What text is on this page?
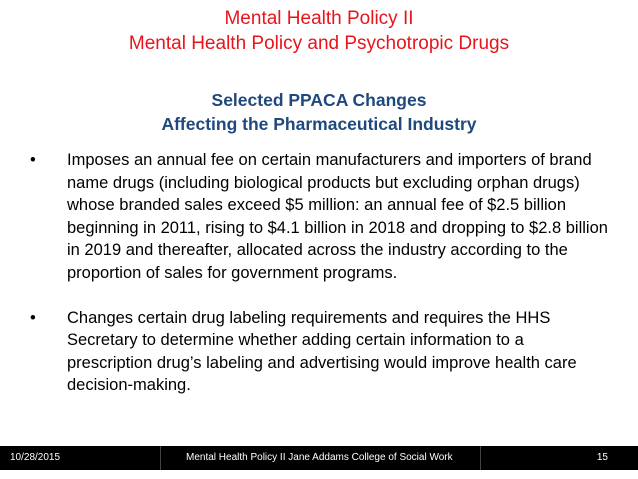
Mental Health Policy II
Mental Health Policy and Psychotropic Drugs
Selected PPACA Changes
Affecting the Pharmaceutical Industry
•	Imposes an annual fee on certain manufacturers and importers of brand name drugs (including biological products but excluding orphan drugs) whose branded sales exceed $5 million: an annual fee of $2.5 billion beginning in 2011, rising to $4.1 billion in 2018 and dropping to $2.8 billion in 2019 and thereafter, allocated across the industry according to the proportion of sales for government programs.
•	Changes certain drug labeling requirements and requires the HHS Secretary to determine whether adding certain information to a prescription drug’s labeling and advertising would improve health care decision-making.
10/28/2015	Mental Health Policy II Jane Addams College of Social Work	15
